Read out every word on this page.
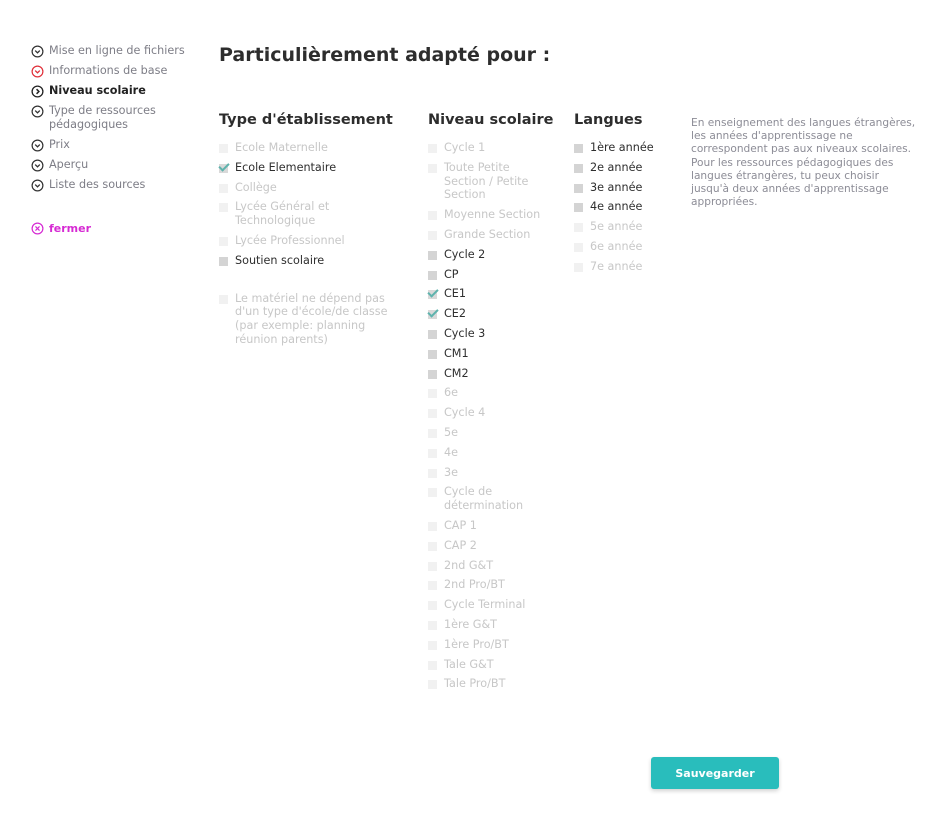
Mise en ligne de fichiers
Informations de base
Niveau scolaire
Type de ressources pédagogiques
Prix
Aperçu
Liste des sources
fermer
Particulièrement adapté pour :
Type d'établissement
Ecole Maternelle
Ecole Elementaire
Collège
Lycée Général et Technologique
Lycée Professionnel
Soutien scolaire
Le matériel ne dépend pas d'un type d'école/de classe (par exemple: planning réunion parents)
Niveau scolaire
Cycle 1
Toute Petite Section / Petite Section
Moyenne Section
Grande Section
Cycle 2
CP
CE1
CE2
Cycle 3
CM1
CM2
6e
Cycle 4
5e
4e
3e
Cycle de détermination
CAP 1
CAP 2
2nd G&T
2nd Pro/BT
Cycle Terminal
1ère G&T
1ère Pro/BT
Tale G&T
Tale Pro/BT
Langues
1ère année
2e année
3e année
4e année
5e année
6e année
7e année

En enseignement des langues étrangères, les années d'apprentissage ne correspondent pas aux niveaux scolaires. Pour les ressources pédagogiques des langues étrangères, tu peux choisir jusqu'à deux années d'apprentissage appropriées.

Sauvegarder
